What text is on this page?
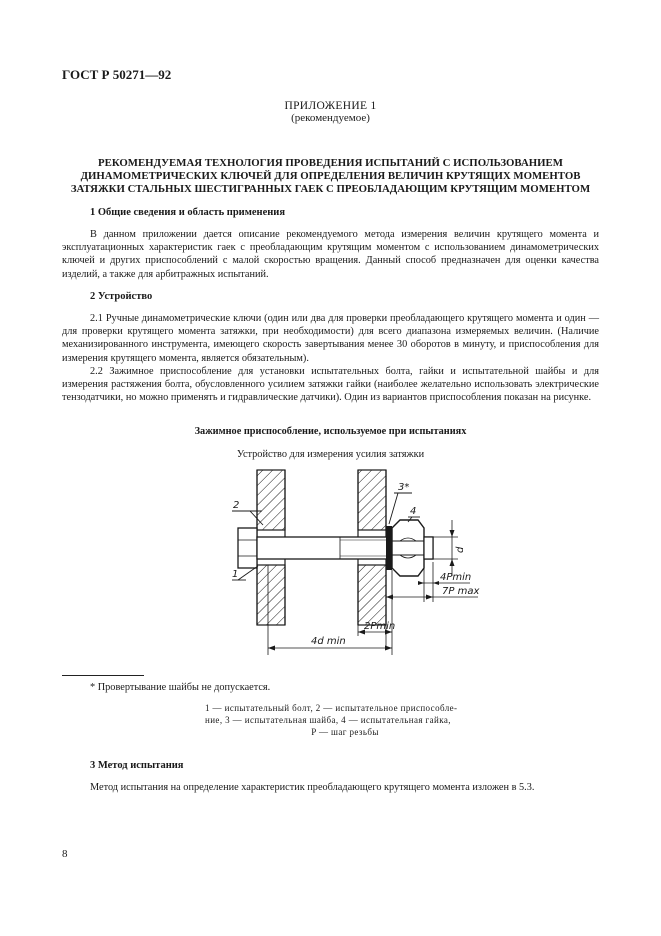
ГОСТ Р 50271—92
ПРИЛОЖЕНИЕ 1
(рекомендуемое)
РЕКОМЕНДУЕМАЯ ТЕХНОЛОГИЯ ПРОВЕДЕНИЯ ИСПЫТАНИЙ С ИСПОЛЬЗОВАНИЕМ
ДИНАМОМЕТРИЧЕСКИХ КЛЮЧЕЙ ДЛЯ ОПРЕДЕЛЕНИЯ ВЕЛИЧИН КРУТЯЩИХ МОМЕНТОВ
ЗАТЯЖКИ СТАЛЬНЫХ ШЕСТИГРАННЫХ ГАЕК С ПРЕОБЛАДАЮЩИМ КРУТЯЩИМ МОМЕНТОМ
1 Общие сведения и область применения

В данном приложении дается описание рекомендуемого метода измерения величин крутящего момента и эксплуатационных характеристик гаек с преобладающим крутящим моментом с использованием динамометрических ключей и других приспособлений с малой скоростью вращения. Данный способ предназначен для оценки качества изделий, а также для арбитражных испытаний.

2 Устройство

2.1 Ручные динамометрические ключи (один или два для проверки преобладающего крутящего момента и один — для проверки крутящего момента затяжки, при необходимости) для всего диапазона измеряемых величин. (Наличие механизированного инструмента, имеющего скорость завертывания менее 30 оборотов в минуту, и приспособления для измерения крутящего момента, является обязательным).

2.2 Зажимное приспособление для установки испытательных болта, гайки и испытательной шайбы и для измерения растяжения болта, обусловленного усилием затяжки гайки (наиболее желательно использовать электрические тензодатчики, но можно применять и гидравлические датчики). Один из вариантов приспособления показан на рисунке.

Зажимное приспособление, используемое при испытаниях
Устройство для измерения усилия затяжки
2
1
3*
4
d
4Pmin
7P max
2Pmin
4d min
* Провертывание шайбы не допускается.
1 — испытательный болт, 2 — испытательное приспособле-
ние, 3 — испытательная шайба, 4 — испытательная гайка,
P — шаг резьбы
3 Метод испытания

Метод испытания на определение характеристик преобладающего крутящего момента изложен в 5.3.

8
